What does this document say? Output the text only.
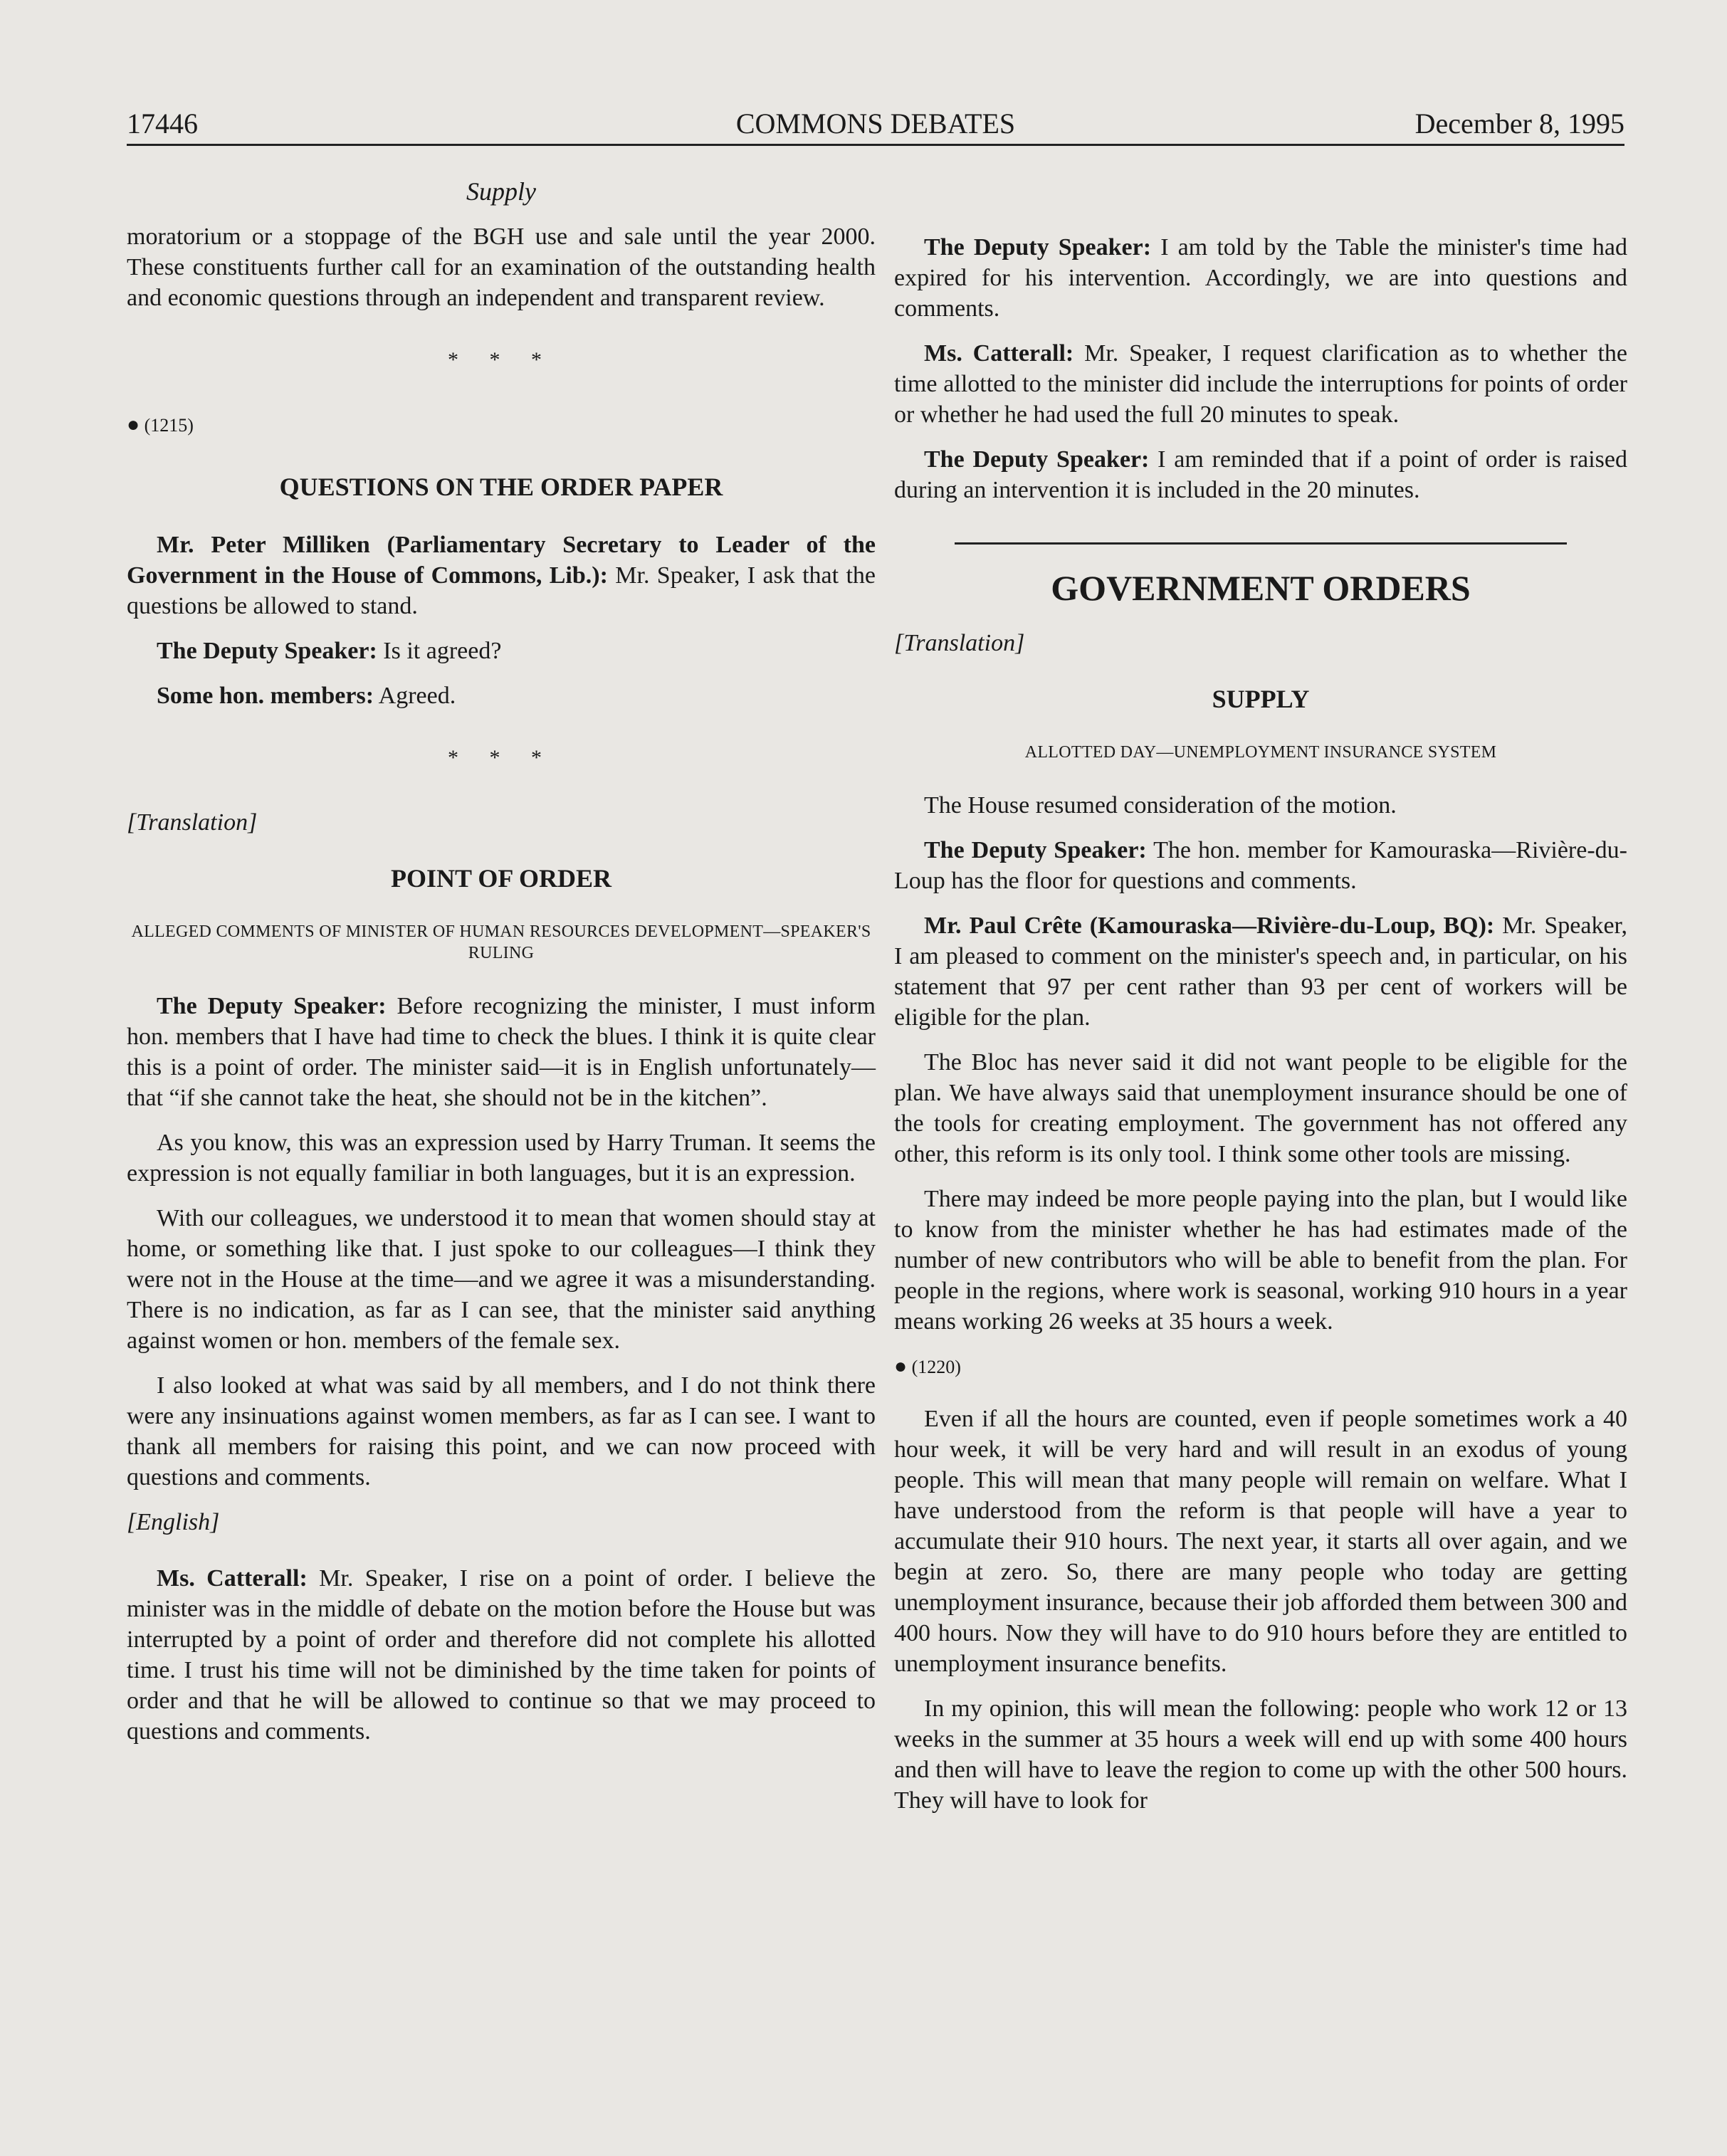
17446	COMMONS DEBATES	December 8, 1995
Supply

moratorium or a stoppage of the BGH use and sale until the year 2000. These constituents further call for an examination of the outstanding health and economic questions through an independent and transparent review.

* * *
● (1215)
QUESTIONS ON THE ORDER PAPER

Mr. Peter Milliken (Parliamentary Secretary to Leader of the Government in the House of Commons, Lib.): Mr. Speaker, I ask that the questions be allowed to stand.

The Deputy Speaker: Is it agreed?

Some hon. members: Agreed.

* * *
[Translation]
POINT OF ORDER
ALLEGED COMMENTS OF MINISTER OF HUMAN RESOURCES DEVELOPMENT—SPEAKER'S RULING

The Deputy Speaker: Before recognizing the minister, I must inform hon. members that I have had time to check the blues. I think it is quite clear this is a point of order. The minister said—it is in English unfortunately—that “if she cannot take the heat, she should not be in the kitchen”.

As you know, this was an expression used by Harry Truman. It seems the expression is not equally familiar in both languages, but it is an expression.

With our colleagues, we understood it to mean that women should stay at home, or something like that. I just spoke to our colleagues—I think they were not in the House at the time—and we agree it was a misunderstanding. There is no indication, as far as I can see, that the minister said anything against women or hon. members of the female sex.

I also looked at what was said by all members, and I do not think there were any insinuations against women members, as far as I can see. I want to thank all members for raising this point, and we can now proceed with questions and comments.

[English]

Ms. Catterall: Mr. Speaker, I rise on a point of order. I believe the minister was in the middle of debate on the motion before the House but was interrupted by a point of order and therefore did not complete his allotted time. I trust his time will not be diminished by the time taken for points of order and that he will be allowed to continue so that we may proceed to questions and comments.

The Deputy Speaker: I am told by the Table the minister's time had expired for his intervention. Accordingly, we are into questions and comments.

Ms. Catterall: Mr. Speaker, I request clarification as to whether the time allotted to the minister did include the interruptions for points of order or whether he had used the full 20 minutes to speak.

The Deputy Speaker: I am reminded that if a point of order is raised during an intervention it is included in the 20 minutes.

GOVERNMENT ORDERS
[Translation]
SUPPLY
ALLOTTED DAY—UNEMPLOYMENT INSURANCE SYSTEM

The House resumed consideration of the motion.

The Deputy Speaker: The hon. member for Kamouraska—Rivière-du-Loup has the floor for questions and comments.

Mr. Paul Crête (Kamouraska—Rivière-du-Loup, BQ): Mr. Speaker, I am pleased to comment on the minister's speech and, in particular, on his statement that 97 per cent rather than 93 per cent of workers will be eligible for the plan.

The Bloc has never said it did not want people to be eligible for the plan. We have always said that unemployment insurance should be one of the tools for creating employment. The government has not offered any other, this reform is its only tool. I think some other tools are missing.

There may indeed be more people paying into the plan, but I would like to know from the minister whether he has had estimates made of the number of new contributors who will be able to benefit from the plan. For people in the regions, where work is seasonal, working 910 hours in a year means working 26 weeks at 35 hours a week.

● (1220)

Even if all the hours are counted, even if people sometimes work a 40 hour week, it will be very hard and will result in an exodus of young people. This will mean that many people will remain on welfare. What I have understood from the reform is that people will have a year to accumulate their 910 hours. The next year, it starts all over again, and we begin at zero. So, there are many people who today are getting unemployment insurance, because their job afforded them between 300 and 400 hours. Now they will have to do 910 hours before they are entitled to unemployment insurance benefits.

In my opinion, this will mean the following: people who work 12 or 13 weeks in the summer at 35 hours a week will end up with some 400 hours and then will have to leave the region to come up with the other 500 hours. They will have to look for
